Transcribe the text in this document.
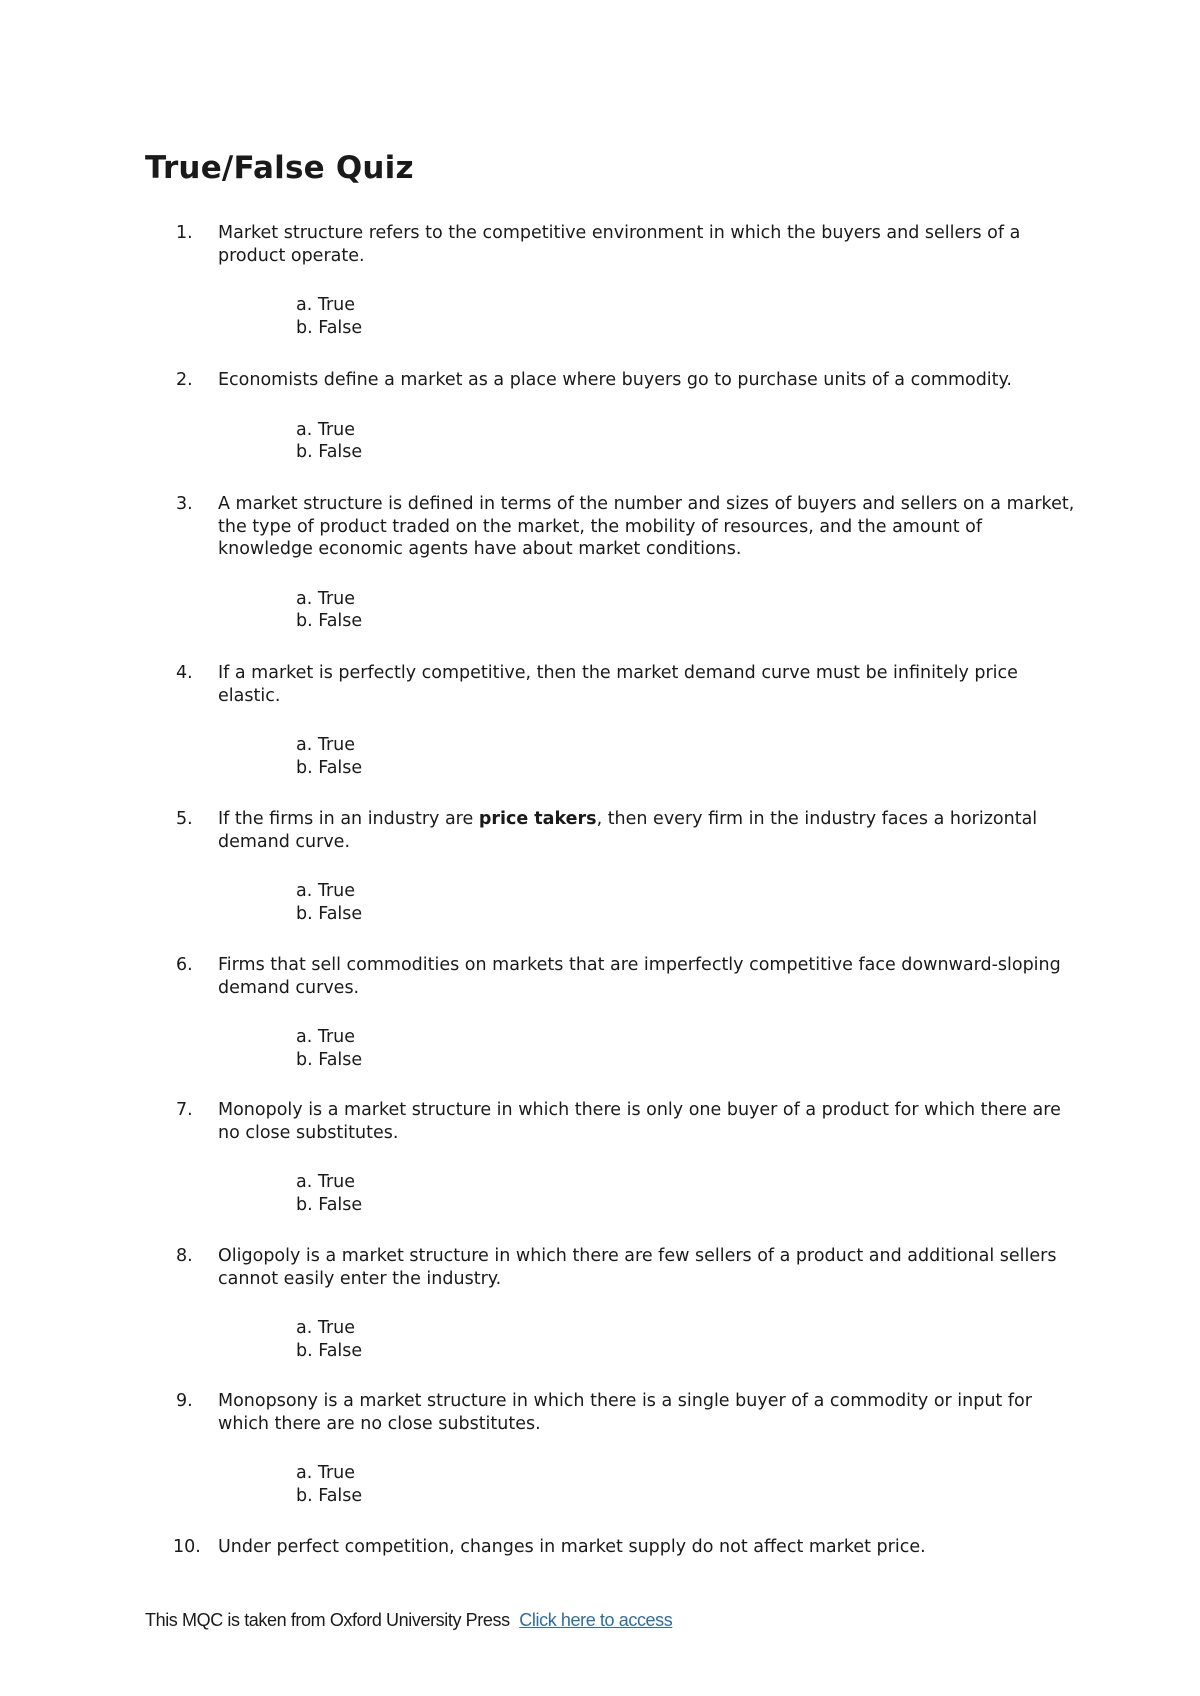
True/False Quiz
1.	Market structure refers to the competitive environment in which the buyers and sellers of a product operate.
a. True
b. False
2.	Economists define a market as a place where buyers go to purchase units of a commodity.
a. True
b. False
3.	A market structure is defined in terms of the number and sizes of buyers and sellers on a market, the type of product traded on the market, the mobility of resources, and the amount of knowledge economic agents have about market conditions.
a. True
b. False
4.	If a market is perfectly competitive, then the market demand curve must be infinitely price elastic.
a. True
b. False
5.	If the firms in an industry are price takers, then every firm in the industry faces a horizontal demand curve.
a. True
b. False
6.	Firms that sell commodities on markets that are imperfectly competitive face downward-sloping demand curves.
a. True
b. False
7.	Monopoly is a market structure in which there is only one buyer of a product for which there are no close substitutes.
a. True
b. False
8.	Oligopoly is a market structure in which there are few sellers of a product and additional sellers cannot easily enter the industry.
a. True
b. False
9.	Monopsony is a market structure in which there is a single buyer of a commodity or input for which there are no close substitutes.
a. True
b. False
10. Under perfect competition, changes in market supply do not affect market price.
This MQC is taken from Oxford University Press Click here to access
